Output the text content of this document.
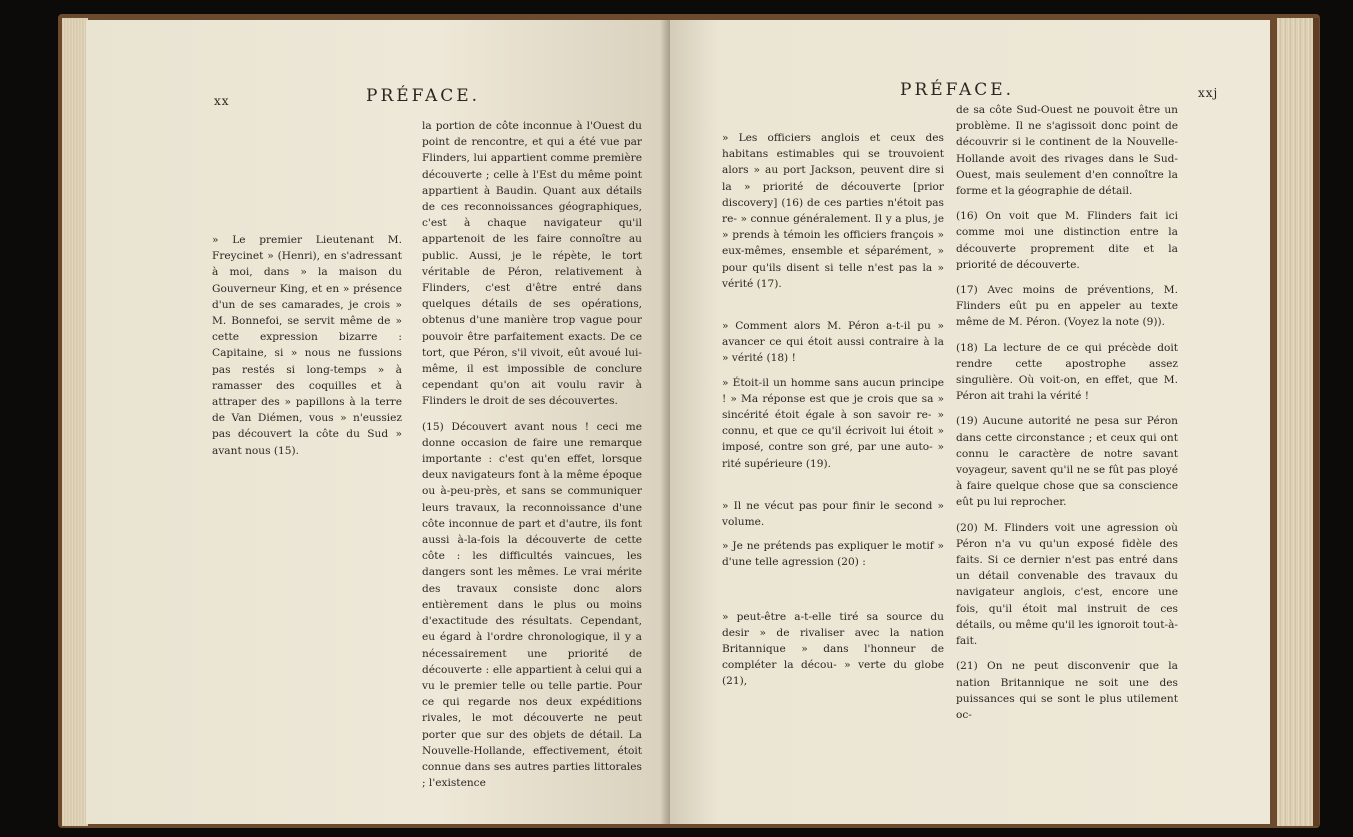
xx	PRÉFACE.

» Le premier Lieutenant M. Freycinet » (Henri), en s'adressant à moi, dans » la maison du Gouverneur King, et en » présence d'un de ses camarades, je crois » M. Bonnefoi, se servit même de » cette expression bizarre : Capitaine, si » nous ne fussions pas restés si long-temps » à ramasser des coquilles et à attraper des » papillons à la terre de Van Diémen, vous » n'eussiez pas découvert la côte du Sud » avant nous (15).

la portion de côte inconnue à l'Ouest du point de rencontre, et qui a été vue par Flinders, lui appartient comme première découverte ; celle à l'Est du même point appartient à Baudin. Quant aux détails de ces reconnoissances géographiques, c'est à chaque navigateur qu'il appartenoit de les faire connoître au public. Aussi, je le répète, le tort véritable de Péron, relativement à Flinders, c'est d'être entré dans quelques détails de ses opérations, obtenus d'une manière trop vague pour pouvoir être parfaitement exacts. De ce tort, que Péron, s'il vivoit, eût avoué lui-même, il est impossible de conclure cependant qu'on ait voulu ravir à Flinders le droit de ses découvertes.

(15) Découvert avant nous ! ceci me donne occasion de faire une remarque importante : c'est qu'en effet, lorsque deux navigateurs font à la même époque ou à-peu-près, et sans se communiquer leurs travaux, la reconnoissance d'une côte inconnue de part et d'autre, ils font aussi à-la-fois la découverte de cette côte : les difficultés vaincues, les dangers sont les mêmes. Le vrai mérite des travaux consiste donc alors entièrement dans le plus ou moins d'exactitude des résultats. Cependant, eu égard à l'ordre chronologique, il y a nécessairement une priorité de découverte : elle appartient à celui qui a vu le premier telle ou telle partie. Pour ce qui regarde nos deux expéditions rivales, le mot découverte ne peut porter que sur des objets de détail. La Nouvelle-Hollande, effectivement, étoit connue dans ses autres parties littorales ; l'existence

PRÉFACE.	xxj

» Les officiers anglois et ceux des habitans estimables qui se trouvoient alors » au port Jackson, peuvent dire si la » priorité de découverte [prior discovery] (16) de ces parties n'étoit pas re- » connue généralement. Il y a plus, je » prends à témoin les officiers françois » eux-mêmes, ensemble et séparément, » pour qu'ils disent si telle n'est pas la » vérité (17).

» Comment alors M. Péron a-t-il pu » avancer ce qui étoit aussi contraire à la » vérité (18) !

» Étoit-il un homme sans aucun principe ! » Ma réponse est que je crois que sa » sincérité étoit égale à son savoir re- » connu, et que ce qu'il écrivoit lui étoit » imposé, contre son gré, par une auto- » rité supérieure (19).

» Il ne vécut pas pour finir le second » volume.

» Je ne prétends pas expliquer le motif » d'une telle agression (20) :

» peut-être a-t-elle tiré sa source du desir » de rivaliser avec la nation Britannique » dans l'honneur de compléter la décou- » verte du globe (21),

de sa côte Sud-Ouest ne pouvoit être un problème. Il ne s'agissoit donc point de découvrir si le continent de la Nouvelle-Hollande avoit des rivages dans le Sud-Ouest, mais seulement d'en connoître la forme et la géographie de détail.

(16) On voit que M. Flinders fait ici comme moi une distinction entre la découverte proprement dite et la priorité de découverte.

(17) Avec moins de préventions, M. Flinders eût pu en appeler au texte même de M. Péron. (Voyez la note (9)).

(18) La lecture de ce qui précède doit rendre cette apostrophe assez singulière. Où voit-on, en effet, que M. Péron ait trahi la vérité !

(19) Aucune autorité ne pesa sur Péron dans cette circonstance ; et ceux qui ont connu le caractère de notre savant voyageur, savent qu'il ne se fût pas ployé à faire quelque chose que sa conscience eût pu lui reprocher.

(20) M. Flinders voit une agression où Péron n'a vu qu'un exposé fidèle des faits. Si ce dernier n'est pas entré dans un détail convenable des travaux du navigateur anglois, c'est, encore une fois, qu'il étoit mal instruit de ces détails, ou même qu'il les ignoroit tout-à-fait.

(21) On ne peut disconvenir que la nation Britannique ne soit une des puissances qui se sont le plus utilement oc-
